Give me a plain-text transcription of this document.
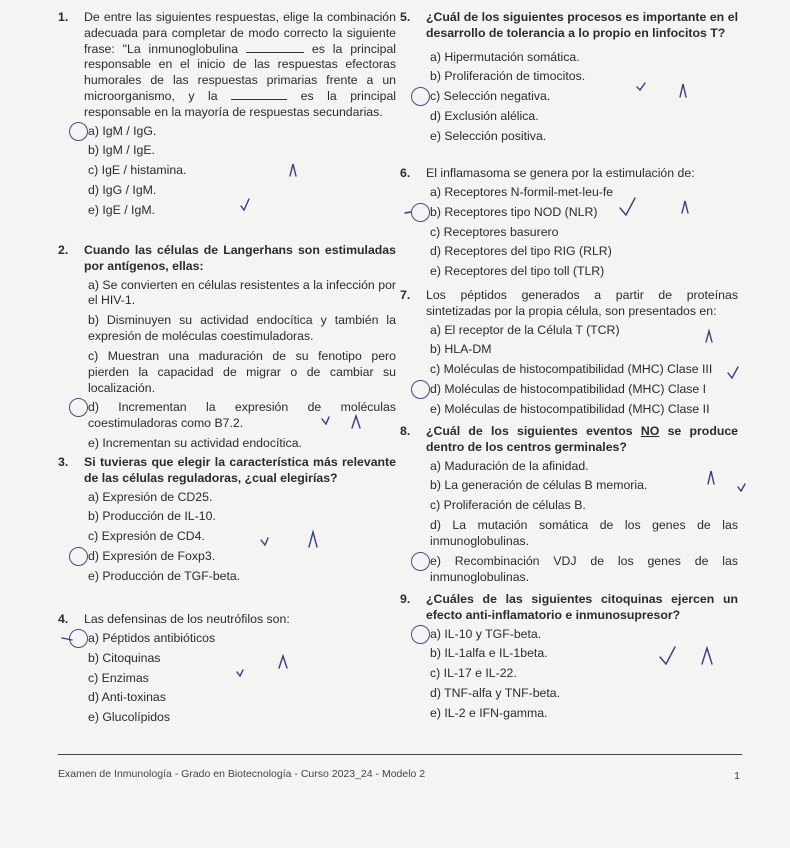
1. De entre las siguientes respuestas, elige la combinación adecuada para completar de modo correcto la siguiente frase: "La inmunoglobulina	es la principal responsable en el inicio de las respuestas efectoras humorales de las respuestas primarias frente a un microorganismo, y la	es la principal responsable en la mayoría de respuestas secundarias.
a) IgM / IgG.
b) IgM / IgE.
c) IgE / histamina.
d) IgG / IgM.
e) IgE / IgM.
2. Cuando las células de Langerhans son estimuladas por antígenos, ellas:
a) Se convierten en células resistentes a la infección por el HIV-1.
b) Disminuyen su actividad endocítica y también la expresión de moléculas coestimuladoras.
c) Muestran una maduración de su fenotipo pero pierden la capacidad de migrar o de cambiar su localización.
d) Incrementan la expresión de moléculas coestimuladoras como B7.2.
e) Incrementan su actividad endocítica.
3. Si tuvieras que elegir la característica más relevante de las células reguladoras, ¿cual elegirías?
a) Expresión de CD25.
b) Producción de IL-10.
c) Expresión de CD4.
d) Expresión de Foxp3.
e) Producción de TGF-beta.
4. Las defensinas de los neutrófilos son:
a) Péptidos antibióticos
b) Citoquinas
c) Enzimas
d) Anti-toxinas
e) Glucolípidos
5. ¿Cuál de los siguientes procesos es importante en el desarrollo de tolerancia a lo propio en linfocitos T?
a) Hipermutación somática.
b) Proliferación de timocitos.
c) Selección negativa.
d) Exclusión alélica.
e) Selección positiva.
6. El inflamasoma se genera por la estimulación de:
a) Receptores N-formil-met-leu-fe
b) Receptores tipo NOD (NLR)
c) Receptores basurero
d) Receptores del tipo RIG (RLR)
e) Receptores del tipo toll (TLR)
7. Los péptidos generados a partir de proteínas sintetizadas por la propia célula, son presentados en:
a) El receptor de la Célula T (TCR)
b) HLA-DM
c) Moléculas de histocompatibilidad (MHC) Clase III
d) Moléculas de histocompatibilidad (MHC) Clase I
e) Moléculas de histocompatibilidad (MHC) Clase II
8. ¿Cuál de los siguientes eventos NO se produce dentro de los centros germinales?
a) Maduración de la afinidad.
b) La generación de células B memoria.
c) Proliferación de células B.
d) La mutación somática de los genes de las inmunoglobulinas.
e) Recombinación VDJ de los genes de las inmunoglobulinas.
9. ¿Cuáles de las siguientes citoquinas ejercen un efecto anti-inflamatorio e inmunosupresor?
a) IL-10 y TGF-beta.
b) IL-1alfa e IL-1beta.
c) IL-17 e IL-22.
d) TNF-alfa y TNF-beta.
e) IL-2 e IFN-gamma.
Examen de Inmunología - Grado en Biotecnología - Curso 2023_24 - Modelo 2	1
